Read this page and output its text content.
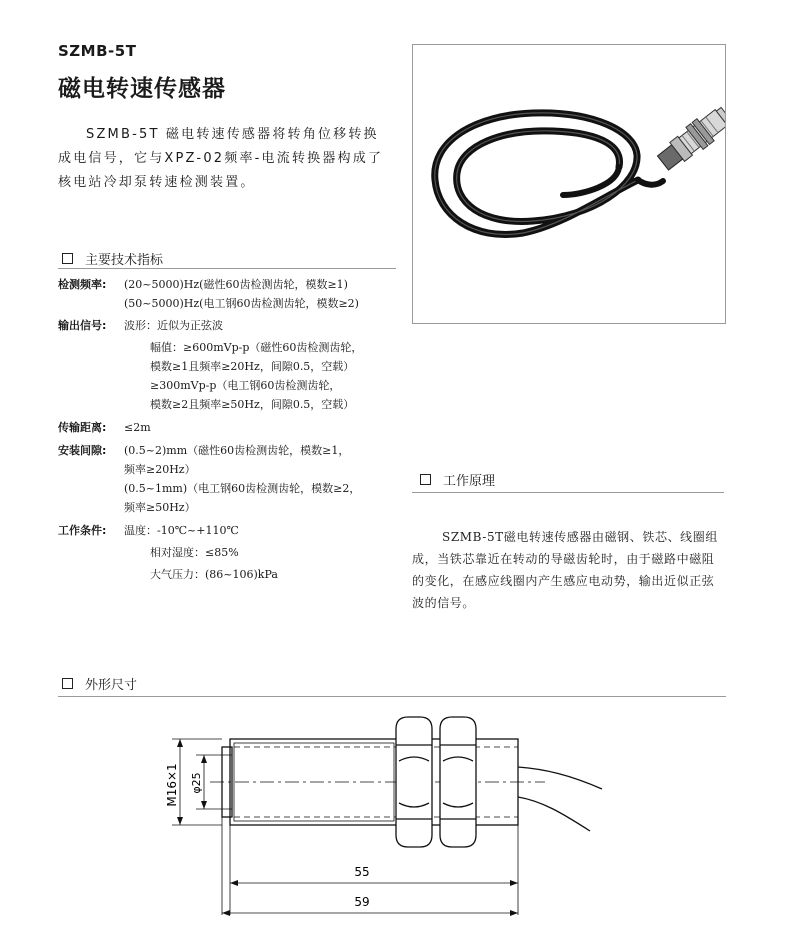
SZMB-5T
磁电转速传感器
SZMB-5T 磁电转速传感器将转角位移转换成电信号，它与XPZ-02频率-电流转换器构成了核电站冷却泵转速检测装置。
主要技术指标
检测频率: (20~5000)Hz(磁性60齿检测齿轮，模数≥1)
(50~5000)Hz(电工钢60齿检测齿轮，模数≥2)
输出信号: 波形：近似为正弦波
幅值：≥600mVp-p（磁性60齿检测齿轮，
模数≥1且频率≥20Hz，间隙0.5，空载）
≥300mVp-p（电工钢60齿检测齿轮，
模数≥2且频率≥50Hz，间隙0.5，空载）
传输距离: ≤2m
安装间隙: (0.5~2)mm（磁性60齿检测齿轮，模数≥1，
频率≥20Hz）
(0.5~1mm)（电工钢60齿检测齿轮，模数≥2，
频率≥50Hz）
工作条件: 温度：-10℃~+110℃
相对湿度：≤85%
大气压力：(86~106)kPa
工作原理
SZMB-5T磁电转速传感器由磁钢、铁芯、线圈组成，当铁芯靠近在转动的导磁齿轮时，由于磁路中磁阻的变化，在感应线圈内产生感应电动势，输出近似正弦波的信号。
外形尺寸
M16×1 φ25
55
59
